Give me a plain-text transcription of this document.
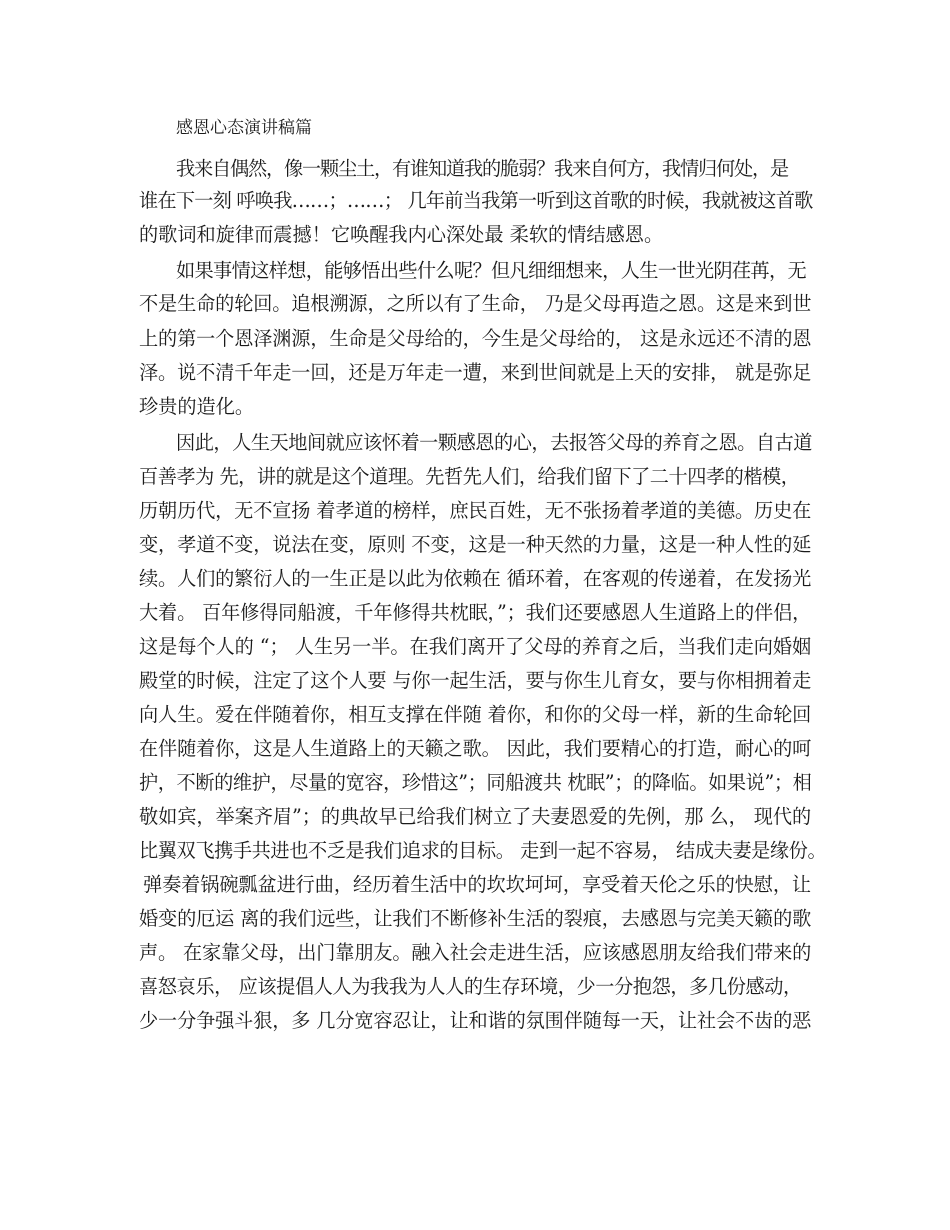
感恩心态演讲稿篇
我来自偶然，像一颗尘土，有谁知道我的脆弱？我来自何方，我情归何处，是
谁在下一刻 呼唤我……；……； 几年前当我第一听到这首歌的时候，我就被这首歌
的歌词和旋律而震撼！它唤醒我内心深处最 柔软的情结感恩。
如果事情这样想，能够悟出些什么呢？但凡细细想来，人生一世光阴荏苒，无
不是生命的轮回。追根溯源，之所以有了生命， 乃是父母再造之恩。这是来到世
上的第一个恩泽渊源，生命是父母给的，今生是父母给的， 这是永远还不清的恩
泽。说不清千年走一回，还是万年走一遭，来到世间就是上天的安排， 就是弥足
珍贵的造化。
因此，人生天地间就应该怀着一颗感恩的心，去报答父母的养育之恩。自古道
百善孝为 先，讲的就是这个道理。先哲先人们，给我们留下了二十四孝的楷模，
历朝历代，无不宣扬 着孝道的榜样，庶民百姓，无不张扬着孝道的美德。历史在
变，孝道不变，说法在变，原则 不变，这是一种天然的力量，这是一种人性的延
续。人们的繁衍人的一生正是以此为依赖在 循环着，在客观的传递着，在发扬光
大着。 百年修得同船渡，千年修得共枕眠，”；我们还要感恩人生道路上的伴侣，
这是每个人的 “； 人生另一半。在我们离开了父母的养育之后，当我们走向婚姻
殿堂的时候，注定了这个人要 与你一起生活，要与你生儿育女，要与你相拥着走
向人生。爱在伴随着你，相互支撑在伴随 着你，和你的父母一样，新的生命轮回
在伴随着你，这是人生道路上的天籁之歌。 因此，我们要精心的打造，耐心的呵
护，不断的维护，尽量的宽容，珍惜这”；同船渡共 枕眠”；的降临。如果说”；相
敬如宾，举案齐眉”；的典故早已给我们树立了夫妻恩爱的先例，那 么， 现代的
比翼双飞携手共进也不乏是我们追求的目标。 走到一起不容易， 结成夫妻是缘份。
弹奏着锅碗瓢盆进行曲，经历着生活中的坎坎坷坷，享受着天伦之乐的快慰，让
婚变的厄运 离的我们远些，让我们不断修补生活的裂痕，去感恩与完美天籁的歌
声。 在家靠父母，出门靠朋友。融入社会走进生活，应该感恩朋友给我们带来的
喜怒哀乐， 应该提倡人人为我我为人人的生存环境，少一分抱怨，多几份感动，
少一分争强斗狠，多 几分宽容忍让，让和谐的氛围伴随每一天，让社会不齿的恶
